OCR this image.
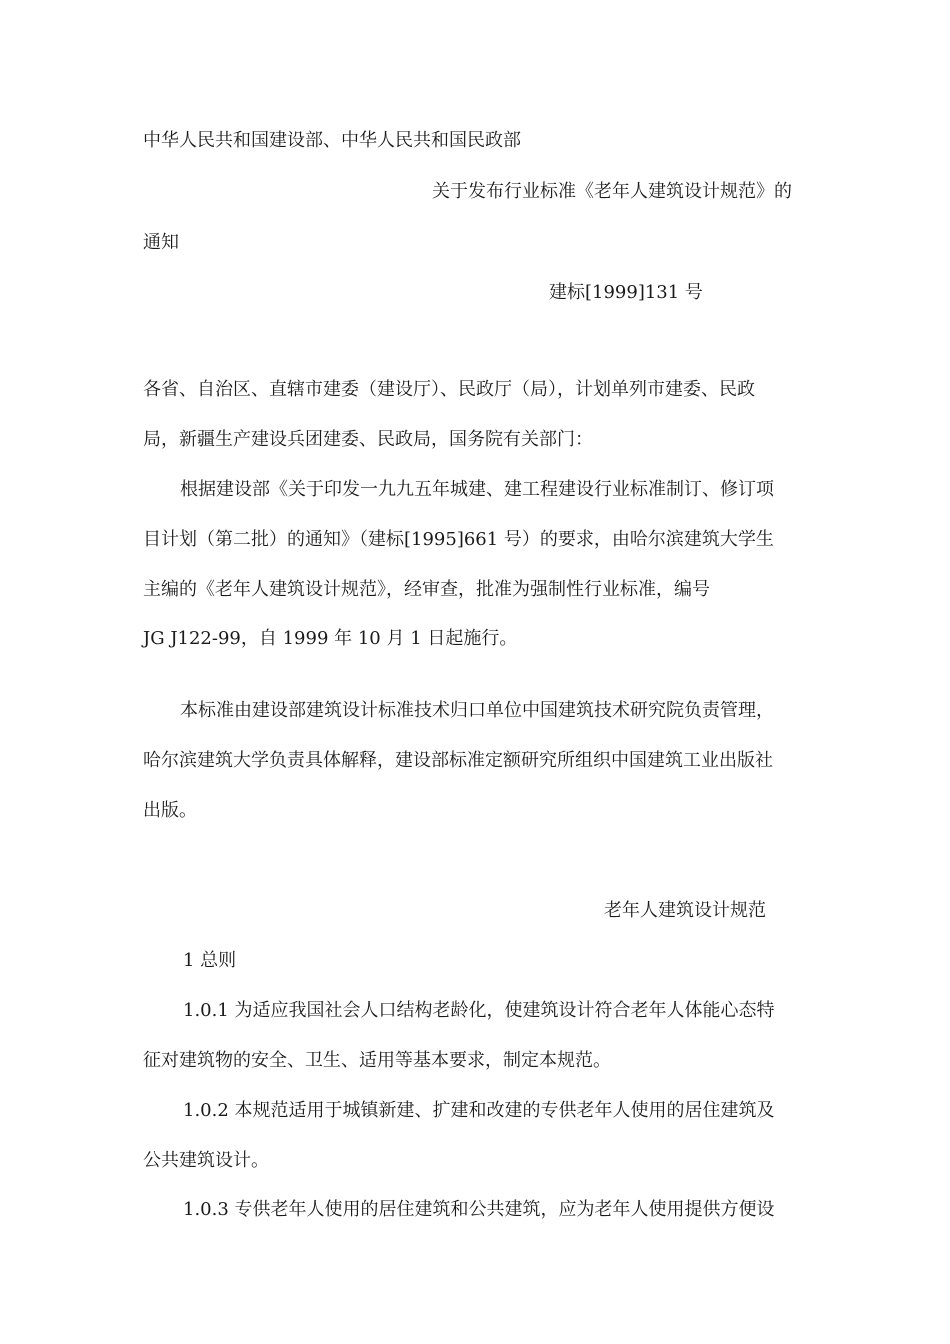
中华人民共和国建设部、中华人民共和国民政部
关于发布行业标准《老年人建筑设计规范》的
通知
建标[1999]131 号
各省、自治区、直辖市建委（建设厅）、民政厅（局），计划单列市建委、民政
局，新疆生产建设兵团建委、民政局，国务院有关部门：
根据建设部《关于印发一九九五年城建、建工程建设行业标准制订、修订项
目计划（第二批）的通知》（建标[1995]661 号）的要求，由哈尔滨建筑大学生
主编的《老年人建筑设计规范》，经审查，批准为强制性行业标准，编号
JG J122-99，自 1999 年 10 月 1 日起施行。
本标准由建设部建筑设计标准技术归口单位中国建筑技术研究院负责管理，
哈尔滨建筑大学负责具体解释，建设部标准定额研究所组织中国建筑工业出版社
出版。
老年人建筑设计规范
1 总则
1.0.1 为适应我国社会人口结构老龄化，使建筑设计符合老年人体能心态特
征对建筑物的安全、卫生、适用等基本要求，制定本规范。
1.0.2 本规范适用于城镇新建、扩建和改建的专供老年人使用的居住建筑及
公共建筑设计。
1.0.3 专供老年人使用的居住建筑和公共建筑，应为老年人使用提供方便设
